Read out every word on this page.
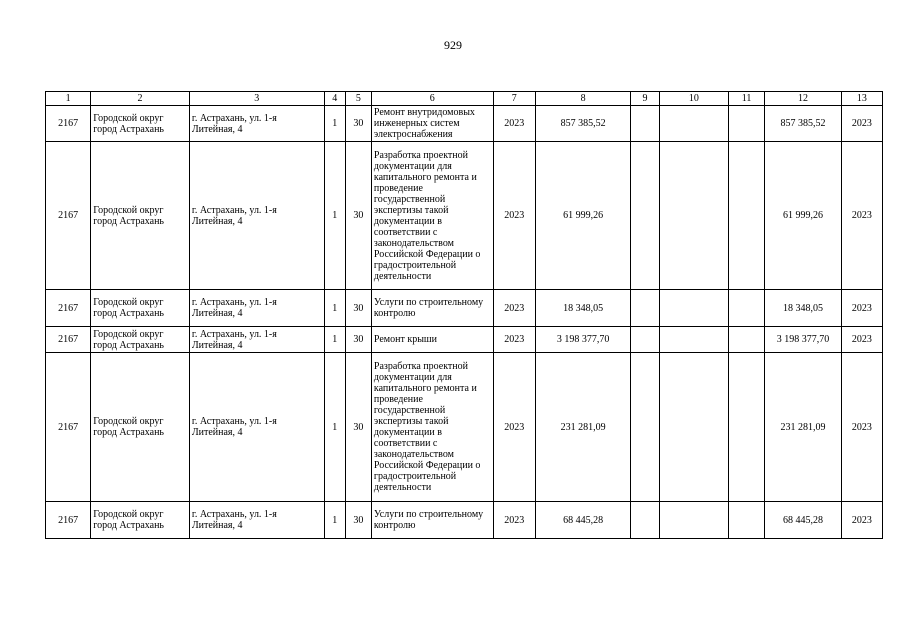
929
1	2	3	4	5	6	7	8	9	10	11	12	13
2167	Городской округ город Астрахань	г. Астрахань, ул. 1-я Литейная, 4	1	30	Ремонт внутридомовых инженерных систем электроснабжения	2023	857 385,52				857 385,52	2023
2167	Городской округ город Астрахань	г. Астрахань, ул. 1-я Литейная, 4	1	30	Разработка проектной документации для капитального ремонта и проведение государственной экспертизы такой документации в соответствии с законодательством Российской Федерации о градостроительной деятельности	2023	61 999,26				61 999,26	2023
2167	Городской округ город Астрахань	г. Астрахань, ул. 1-я Литейная, 4	1	30	Услуги по строительному контролю	2023	18 348,05				18 348,05	2023
2167	Городской округ город Астрахань	г. Астрахань, ул. 1-я Литейная, 4	1	30	Ремонт крыши	2023	3 198 377,70				3 198 377,70	2023
2167	Городской округ город Астрахань	г. Астрахань, ул. 1-я Литейная, 4	1	30	Разработка проектной документации для капитального ремонта и проведение государственной экспертизы такой документации в соответствии с законодательством Российской Федерации о градостроительной деятельности	2023	231 281,09				231 281,09	2023
2167	Городской округ город Астрахань	г. Астрахань, ул. 1-я Литейная, 4	1	30	Услуги по строительному контролю	2023	68 445,28				68 445,28	2023
